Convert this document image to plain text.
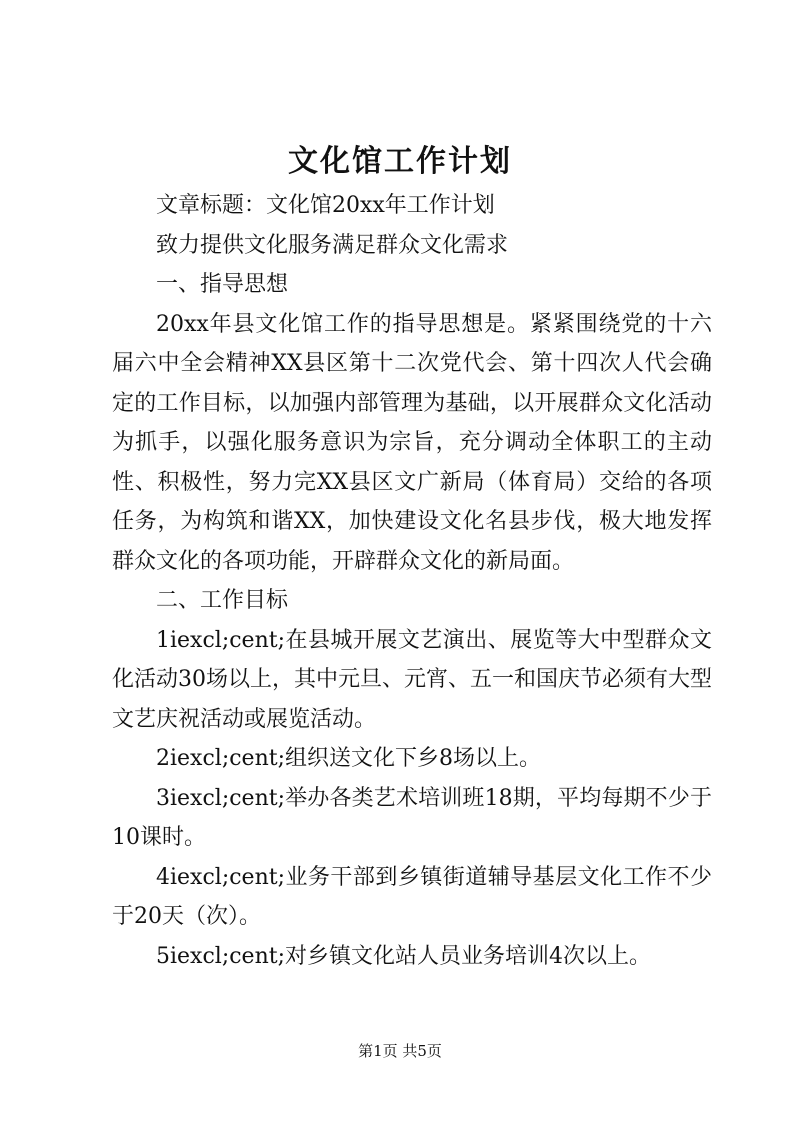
文化馆工作计划

文章标题：文化馆20xx年工作计划

致力提供文化服务满足群众文化需求

一、指导思想

20xx年县文化馆工作的指导思想是。紧紧围绕党的十六届六中全会精神XX县区第十二次党代会、第十四次人代会确定的工作目标，以加强内部管理为基础，以开展群众文化活动为抓手，以强化服务意识为宗旨，充分调动全体职工的主动性、积极性，努力完XX县区文广新局（体育局）交给的各项任务，为构筑和谐XX，加快建设文化名县步伐，极大地发挥群众文化的各项功能，开辟群众文化的新局面。

二、工作目标

1iexcl;cent;在县城开展文艺演出、展览等大中型群众文化活动30场以上，其中元旦、元宵、五一和国庆节必须有大型文艺庆祝活动或展览活动。

2iexcl;cent;组织送文化下乡8场以上。

3iexcl;cent;举办各类艺术培训班18期，平均每期不少于10课时。

4iexcl;cent;业务干部到乡镇街道辅导基层文化工作不少于20天（次）。

5iexcl;cent;对乡镇文化站人员业务培训4次以上。

第1页 共5页
